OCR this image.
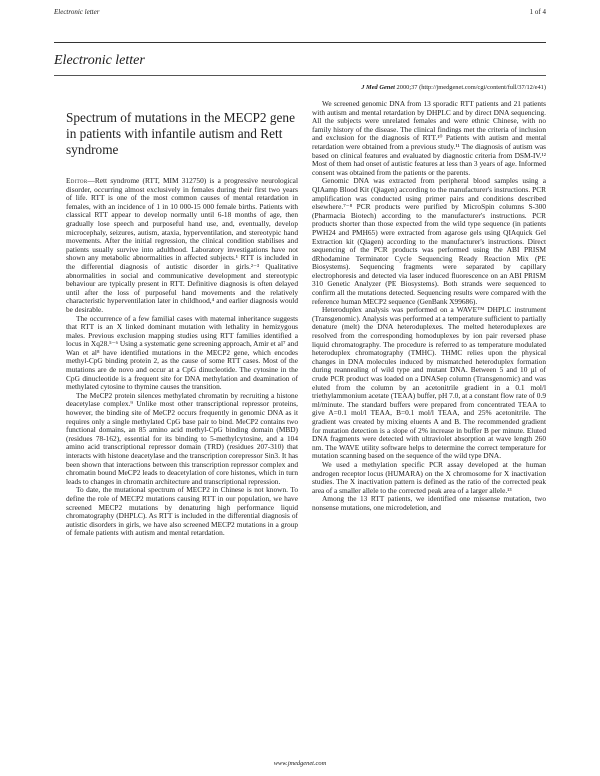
Electronic letter	1 of 4
Electronic letter
J Med Genet 2000;37 (http://jmedgenet.com/cgi/content/full/37/12/e41)
Spectrum of mutations in the MECP2 gene in patients with infantile autism and Rett syndrome

Editor—Rett syndrome (RTT, MIM 312750) is a progressive neurological disorder, occurring almost exclusively in females during their first two years of life. RTT is one of the most common causes of mental retardation in females, with an incidence of 1 in 10 000-15 000 female births. Patients with classical RTT appear to develop normally until 6-18 months of age, then gradually lose speech and purposeful hand use, and, eventually, develop microcephaly, seizures, autism, ataxia, hyperventilation, and stereotypic hand movements. After the initial regression, the clinical condition stabilises and patients usually survive into adulthood. Laboratory investigations have not shown any metabolic abnormalities in affected subjects.¹ RTT is included in the differential diagnosis of autistic disorder in girls.²⁻³ Qualitative abnormalities in social and communicative development and stereotypic behaviour are typically present in RTT. Definitive diagnosis is often delayed until after the loss of purposeful hand movements and the relatively characteristic hyperventilation later in childhood,⁴ and earlier diagnosis would be desirable.

The occurrence of a few familial cases with maternal inheritance suggests that RTT is an X linked dominant mutation with lethality in hemizygous males. Previous exclusion mapping studies using RTT families identified a locus in Xq28.⁵⁻⁶ Using a systematic gene screening approach, Amir et al⁷ and Wan et al⁸ have identified mutations in the MECP2 gene, which encodes methyl-CpG binding protein 2, as the cause of some RTT cases. Most of the mutations are de novo and occur at a CpG dinucleotide. The cytosine in the CpG dinucleotide is a frequent site for DNA methylation and deamination of methylated cytosine to thymine causes the transition.

The MeCP2 protein silences methylated chromatin by recruiting a histone deacetylase complex.⁹ Unlike most other transcriptional repressor proteins, however, the binding site of MeCP2 occurs frequently in genomic DNA as it requires only a single methylated CpG base pair to bind. MeCP2 contains two functional domains, an 85 amino acid methyl-CpG binding domain (MBD) (residues 78-162), essential for its binding to 5-methylcytosine, and a 104 amino acid transcriptional repressor domain (TRD) (residues 207-310) that interacts with histone deacetylase and the transcription corepressor Sin3. It has been shown that interactions between this transcription repressor complex and chromatin bound MeCP2 leads to deacetylation of core histones, which in turn leads to changes in chromatin architecture and transcriptional repression.

To date, the mutational spectrum of MECP2 in Chinese is not known. To define the role of MECP2 mutations causing RTT in our population, we have screened MECP2 mutations by denaturing high performance liquid chromatography (DHPLC). As RTT is included in the differential diagnosis of autistic disorders in girls, we have also screened MECP2 mutations in a group of female patients with autism and mental retardation.

We screened genomic DNA from 13 sporadic RTT patients and 21 patients with autism and mental retardation by DHPLC and by direct DNA sequencing. All the subjects were unrelated females and were ethnic Chinese, with no family history of the disease. The clinical findings met the criteria of inclusion and exclusion for the diagnosis of RTT.¹⁰ Patients with autism and mental retardation were obtained from a previous study.¹¹ The diagnosis of autism was based on clinical features and evaluated by diagnostic criteria from DSM-IV.¹² Most of them had onset of autistic features at less than 3 years of age. Informed consent was obtained from the patients or the parents.

Genomic DNA was extracted from peripheral blood samples using a QIAamp Blood Kit (Qiagen) according to the manufacturer's instructions. PCR amplification was conducted using primer pairs and conditions described elsewhere.⁷⁻⁸ PCR products were purified by MicroSpin columns S-300 (Pharmacia Biotech) according to the manufacturer's instructions. PCR products shorter than those expected from the wild type sequence (in patients PWH24 and PMH65) were extracted from agarose gels using QIAquick Gel Extraction kit (Qiagen) according to the manufacturer's instructions. Direct sequencing of the PCR products was performed using the ABI PRISM dRhodamine Terminator Cycle Sequencing Ready Reaction Mix (PE Biosystems). Sequencing fragments were separated by capillary electrophoresis and detected via laser induced fluorescence on an ABI PRISM 310 Genetic Analyzer (PE Biosystems). Both strands were sequenced to confirm all the mutations detected. Sequencing results were compared with the reference human MECP2 sequence (GenBank X99686).

Heteroduplex analysis was performed on a WAVE™ DHPLC instrument (Transgenomic). Analysis was performed at a temperature sufficient to partially denature (melt) the DNA heteroduplexes. The melted heteroduplexes are resolved from the corresponding homoduplexes by ion pair reversed phase liquid chromatography. The procedure is referred to as temperature modulated heteroduplex chromatography (TMHC). THMC relies upon the physical changes in DNA molecules induced by mismatched heteroduplex formation during reannealing of wild type and mutant DNA. Between 5 and 10 µl of crude PCR product was loaded on a DNASep column (Transgenomic) and was eluted from the column by an acetonitrile gradient in a 0.1 mol/l triethylammonium acetate (TEAA) buffer, pH 7.0, at a constant flow rate of 0.9 ml/minute. The standard buffers were prepared from concentrated TEAA to give A=0.1 mol/l TEAA, B=0.1 mol/l TEAA, and 25% acetonitrile. The gradient was created by mixing eluents A and B. The recommended gradient for mutation detection is a slope of 2% increase in buffer B per minute. Eluted DNA fragments were detected with ultraviolet absorption at wave length 260 nm. The WAVE utility software helps to determine the correct temperature for mutation scanning based on the sequence of the wild type DNA.

We used a methylation specific PCR assay developed at the human androgen receptor locus (HUMARA) on the X chromosome for X inactivation studies. The X inactivation pattern is defined as the ratio of the corrected peak area of a smaller allele to the corrected peak area of a larger allele.¹³

Among the 13 RTT patients, we identified one missense mutation, two nonsense mutations, one microdeletion, and

www.jmedgenet.com
